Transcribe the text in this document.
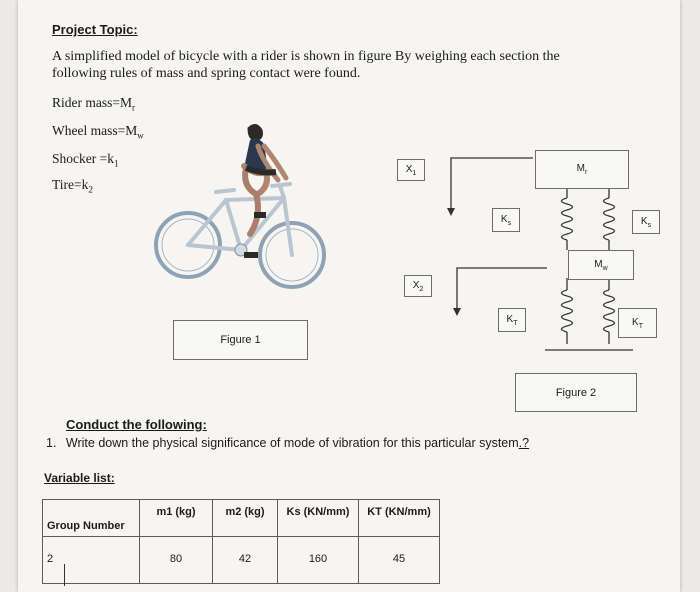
Project Topic:
A simplified model of bicycle with a rider is shown in figure By weighing each section the
following rules of mass and spring contact were found.
Rider $mass=M_r$
Wheel $mass=M_w$
Shocker $=k_1$
$Tire=k_2$
Figure 1
$X_1$
$X_2$
$M_r$
$M_w$
$K_s$	$K_s$
$K_T$	$K_T$
Figure 2
Conduct the following:
1. Write down the physical significance of mode of vibration for this particular system.?
Variable list:
Group Number	m1 (kg)	m2 (kg)	Ks (KN/mm)	KT (KN/mm)
2	80	42	160	45
